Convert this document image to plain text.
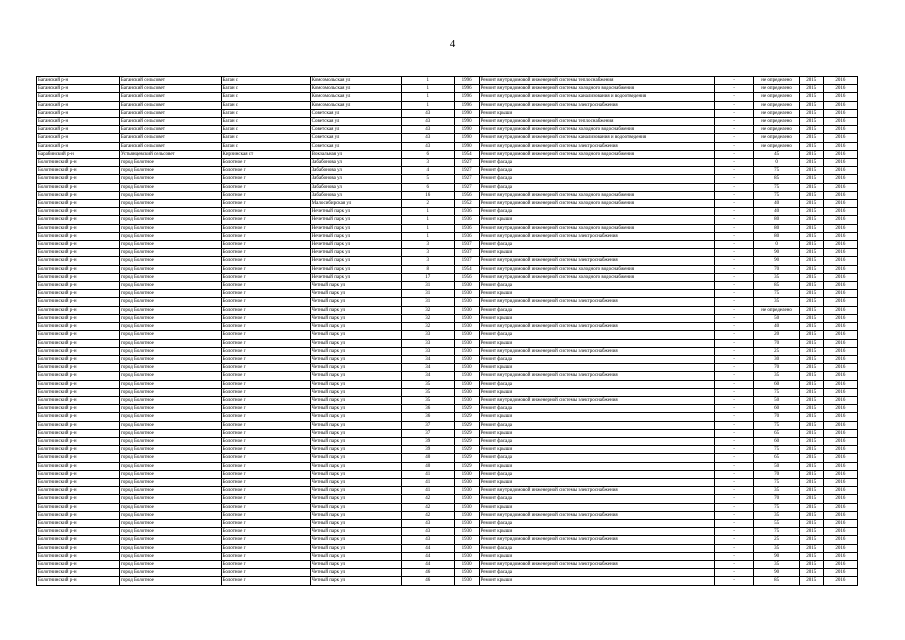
4
Баганский р-н	Баганский сельсовет	Баган с	Комсомольская ул	1	1996	Ремонт внутридомовой инженерной системы теплоснабжения	-	не определено	2015	2016
Баганский р-н	Баганский сельсовет	Баган с	Комсомольская ул	1	1996	Ремонт внутридомовой инженерной системы холодного водоснабжения	-	не определено	2015	2016
Баганский р-н	Баганский сельсовет	Баган с	Комсомольская ул	1	1996	Ремонт внутридомовой инженерной системы канализования и водоотведения	-	не определено	2015	2016
Баганский р-н	Баганский сельсовет	Баган с	Комсомольская ул	1	1996	Ремонт внутридомовой инженерной системы электроснабжения	-	не определено	2015	2016
Баганский р-н	Баганский сельсовет	Баган с	Советская ул	43	1990	Ремонт крыши	-	не определено	2015	2016
Баганский р-н	Баганский сельсовет	Баган с	Советская ул	43	1990	Ремонт внутридомовой инженерной системы теплоснабжения	-	не определено	2015	2016
Баганский р-н	Баганский сельсовет	Баган с	Советская ул	43	1990	Ремонт внутридомовой инженерной системы холодного водоснабжения	-	не определено	2015	2016
Баганский р-н	Баганский сельсовет	Баган с	Советская ул	43	1990	Ремонт внутридомовой инженерной системы канализования и водоотведения	-	не определено	2015	2016
Баганский р-н	Баганский сельсовет	Баган с	Советская ул	43	1990	Ремонт внутридомовой инженерной системы электроснабжения	-	не определено	2015	2016
Барабинский р-н	Устьянцевский сельсовет	Кирзинская ст	Вокзальная ул	6	1954	Ремонт внутридомовой инженерной системы холодного водоснабжения	-	45	2015	2016
Болотнинский р-н	город Болотное	Болотное г	Забабонова ул	3	1927	Ремонт фасада	-	0	2015	2016
Болотнинский р-н	город Болотное	Болотное г	Забабонова ул	4	1927	Ремонт фасада	-	75	2015	2016
Болотнинский р-н	город Болотное	Болотное г	Забабонова ул	5	1927	Ремонт фасада	-	85	2015	2016
Болотнинский р-н	город Болотное	Болотное г	Забабонова ул	6	1927	Ремонт фасада	-	75	2015	2016
Болотнинский р-н	город Болотное	Болотное г	Забабонова ул	16	1956	Ремонт внутридомовой инженерной системы холодного водоснабжения	-	75	2015	2016
Болотнинский р-н	город Болотное	Болотное г	Малосибирская ул	2	1952	Ремонт внутридомовой инженерной системы холодного водоснабжения	-	40	2015	2016
Болотнинский р-н	город Болотное	Болотное г	Нечетный парк ул	1	1936	Ремонт фасада	-	40	2015	2016
Болотнинский р-н	город Болотное	Болотное г	Нечетный парк ул	1	1936	Ремонт крыши	-	80	2015	2016
Болотнинский р-н	город Болотное	Болотное г	Нечетный парк ул	1	1936	Ремонт внутридомовой инженерной системы холодного водоснабжения	-	80	2015	2016
Болотнинский р-н	город Болотное	Болотное г	Нечетный парк ул	1	1936	Ремонт внутридомовой инженерной системы электроснабжения	-	80	2015	2016
Болотнинский р-н	город Болотное	Болотное г	Нечетный парк ул	3	1937	Ремонт фасада	-	0	2015	2016
Болотнинский р-н	город Болотное	Болотное г	Нечетный парк ул	3	1937	Ремонт крыши	-	90	2015	2016
Болотнинский р-н	город Болотное	Болотное г	Нечетный парк ул	3	1937	Ремонт внутридомовой инженерной системы электроснабжения	-	90	2015	2016
Болотнинский р-н	город Болотное	Болотное г	Нечетный парк ул	8	1954	Ремонт внутридомовой инженерной системы холодного водоснабжения	-	70	2015	2016
Болотнинский р-н	город Болотное	Болотное г	Нечетный парк ул	17	1956	Ремонт внутридомовой инженерной системы холодного водоснабжения	-	35	2015	2016
Болотнинский р-н	город Болотное	Болотное г	Четный парк ул	31	1930	Ремонт фасада	-	85	2015	2016
Болотнинский р-н	город Болотное	Болотное г	Четный парк ул	31	1930	Ремонт крыши	-	75	2015	2016
Болотнинский р-н	город Болотное	Болотное г	Четный парк ул	31	1930	Ремонт внутридомовой инженерной системы электроснабжения	-	35	2015	2016
Болотнинский р-н	город Болотное	Болотное г	Четный парк ул	32	1930	Ремонт фасада	-	не определено	2015	2016
Болотнинский р-н	город Болотное	Болотное г	Четный парк ул	32	1930	Ремонт крыши	-	50	2015	2016
Болотнинский р-н	город Болотное	Болотное г	Четный парк ул	32	1930	Ремонт внутридомовой инженерной системы электроснабжения	-	40	2015	2016
Болотнинский р-н	город Болотное	Болотное г	Четный парк ул	33	1930	Ремонт фасада	-	20	2015	2016
Болотнинский р-н	город Болотное	Болотное г	Четный парк ул	33	1930	Ремонт крыши	-	70	2015	2016
Болотнинский р-н	город Болотное	Болотное г	Четный парк ул	33	1930	Ремонт внутридомовой инженерной системы электроснабжения	-	25	2015	2016
Болотнинский р-н	город Болотное	Болотное г	Четный парк ул	34	1930	Ремонт фасада	-	30	2015	2016
Болотнинский р-н	город Болотное	Болотное г	Четный парк ул	34	1930	Ремонт крыши	-	70	2015	2016
Болотнинский р-н	город Болотное	Болотное г	Четный парк ул	34	1930	Ремонт внутридомовой инженерной системы электроснабжения	-	35	2015	2016
Болотнинский р-н	город Болотное	Болотное г	Четный парк ул	35	1930	Ремонт фасада	-	60	2015	2016
Болотнинский р-н	город Болотное	Болотное г	Четный парк ул	35	1930	Ремонт крыши	-	75	2015	2016
Болотнинский р-н	город Болотное	Болотное г	Четный парк ул	35	1930	Ремонт внутридомовой инженерной системы электроснабжения	-	50	2015	2016
Болотнинский р-н	город Болотное	Болотное г	Четный парк ул	36	1929	Ремонт фасада	-	60	2015	2016
Болотнинский р-н	город Болотное	Болотное г	Четный парк ул	36	1929	Ремонт крыши	-	70	2015	2016
Болотнинский р-н	город Болотное	Болотное г	Четный парк ул	37	1929	Ремонт фасада	-	75	2015	2016
Болотнинский р-н	город Болотное	Болотное г	Четный парк ул	37	1929	Ремонт крыши	-	65	2015	2016
Болотнинский р-н	город Болотное	Болотное г	Четный парк ул	39	1929	Ремонт фасада	-	60	2015	2016
Болотнинский р-н	город Болотное	Болотное г	Четный парк ул	39	1929	Ремонт крыши	-	75	2015	2016
Болотнинский р-н	город Болотное	Болотное г	Четный парк ул	40	1929	Ремонт фасада	-	65	2015	2016
Болотнинский р-н	город Болотное	Болотное г	Четный парк ул	40	1929	Ремонт крыши	-	50	2015	2016
Болотнинский р-н	город Болотное	Болотное г	Четный парк ул	41	1930	Ремонт фасада	-	70	2015	2016
Болотнинский р-н	город Болотное	Болотное г	Четный парк ул	41	1930	Ремонт крыши	-	75	2015	2016
Болотнинский р-н	город Болотное	Болотное г	Четный парк ул	41	1930	Ремонт внутридомовой инженерной системы электроснабжения	-	35	2015	2016
Болотнинский р-н	город Болотное	Болотное г	Четный парк ул	42	1930	Ремонт фасада	-	70	2015	2016
Болотнинский р-н	город Болотное	Болотное г	Четный парк ул	42	1930	Ремонт крыши	-	75	2015	2016
Болотнинский р-н	город Болотное	Болотное г	Четный парк ул	42	1930	Ремонт внутридомовой инженерной системы электроснабжения	-	35	2015	2016
Болотнинский р-н	город Болотное	Болотное г	Четный парк ул	43	1930	Ремонт фасада	-	55	2015	2016
Болотнинский р-н	город Болотное	Болотное г	Четный парк ул	43	1930	Ремонт крыши	-	75	2015	2016
Болотнинский р-н	город Болотное	Болотное г	Четный парк ул	43	1930	Ремонт внутридомовой инженерной системы электроснабжения	-	25	2015	2016
Болотнинский р-н	город Болотное	Болотное г	Четный парк ул	44	1930	Ремонт фасада	-	35	2015	2016
Болотнинский р-н	город Болотное	Болотное г	Четный парк ул	44	1930	Ремонт крыши	-	90	2015	2016
Болотнинский р-н	город Болотное	Болотное г	Четный парк ул	44	1930	Ремонт внутридомовой инженерной системы электроснабжения	-	35	2015	2016
Болотнинский р-н	город Болотное	Болотное г	Четный парк ул	46	1930	Ремонт фасада	-	90	2015	2016
Болотнинский р-н	город Болотное	Болотное г	Четный парк ул	46	1930	Ремонт крыши	-	85	2015	2016
